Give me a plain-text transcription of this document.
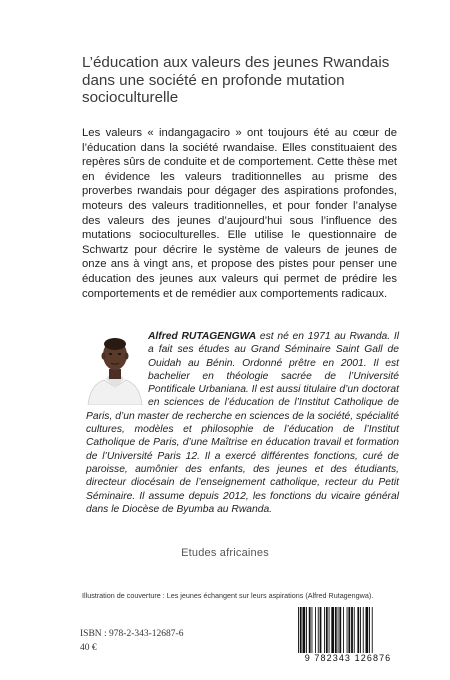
L’éducation aux valeurs des jeunes Rwandais dans une société en profonde mutation socioculturelle

Les valeurs « indangagaciro » ont toujours été au cœur de l’éducation dans la société rwandaise. Elles constituaient des repères sûrs de conduite et de comportement. Cette thèse met en évidence les valeurs traditionnelles au prisme des proverbes rwandais pour dégager des aspirations profondes, moteurs des valeurs traditionnelles, et pour fonder l’analyse des valeurs des jeunes d’aujourd’hui sous l’influence des mutations socioculturelles. Elle utilise le questionnaire de Schwartz pour décrire le système de valeurs de jeunes de onze ans à vingt ans, et propose des pistes pour penser une éducation des jeunes aux valeurs qui permet de prédire les comportements et de remédier aux comportements radicaux.

Alfred RUTAGENGWA est né en 1971 au Rwanda. Il a fait ses études au Grand Séminaire Saint Gall de Ouidah au Bénin. Ordonné prêtre en 2001. Il est bachelier en théologie sacrée de l’Université Pontificale Urbaniana. Il est aussi titulaire d’un doctorat en sciences de l’éducation de l’Institut Catholique de Paris, d’un master de recherche en sciences de la société, spécialité cultures, modèles et philosophie de l’éducation de l’Institut Catholique de Paris, d’une Maîtrise en éducation travail et formation de l’Université Paris 12. Il a exercé différentes fonctions, curé de paroisse, aumônier des enfants, des jeunes et des étudiants, directeur diocésain de l’enseignement catholique, recteur du Petit Séminaire. Il assume depuis 2012, les fonctions du vicaire général dans le Diocèse de Byumba au Rwanda.

Etudes africaines
Illustration de couverture : Les jeunes échangent sur leurs aspirations (Alfred Rutagengwa).
ISBN : 978-2-343-12687-6
40 €
9 782343 126876
